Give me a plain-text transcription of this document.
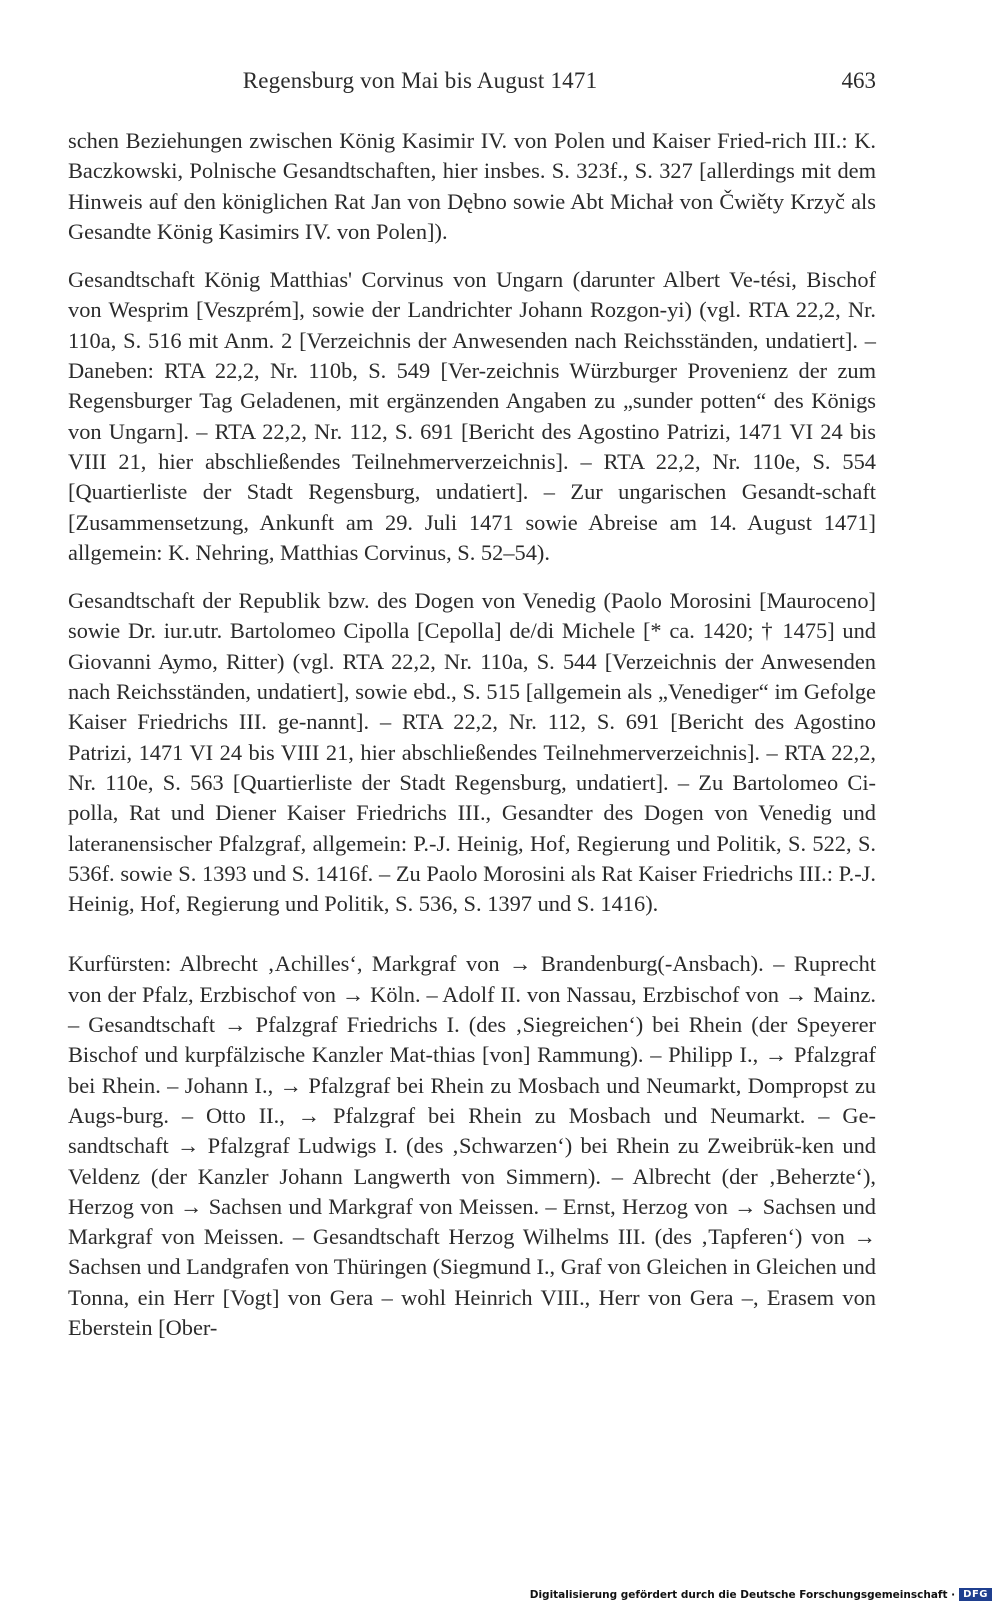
Regensburg von Mai bis August 1471	463

schen Beziehungen zwischen König Kasimir IV. von Polen und Kaiser Fried-rich III.: K. Baczkowski, Polnische Gesandtschaften, hier insbes. S. 323f., S. 327 [allerdings mit dem Hinweis auf den königlichen Rat Jan von Dębno sowie Abt Michał von Čwiěty Krzyč als Gesandte König Kasimirs IV. von Polen]).

Gesandtschaft König Matthias' Corvinus von Ungarn (darunter Albert Ve-tési, Bischof von Wesprim [Veszprém], sowie der Landrichter Johann Rozgon-yi) (vgl. RTA 22,2, Nr. 110a, S. 516 mit Anm. 2 [Verzeichnis der Anwesenden nach Reichsständen, undatiert]. – Daneben: RTA 22,2, Nr. 110b, S. 549 [Ver-zeichnis Würzburger Provenienz der zum Regensburger Tag Geladenen, mit ergänzenden Angaben zu „sunder potten“ des Königs von Ungarn]. – RTA 22,2, Nr. 112, S. 691 [Bericht des Agostino Patrizi, 1471 VI 24 bis VIII 21, hier abschließendes Teilnehmerverzeichnis]. – RTA 22,2, Nr. 110e, S. 554 [Quartierliste der Stadt Regensburg, undatiert]. – Zur ungarischen Gesandt-schaft [Zusammensetzung, Ankunft am 29. Juli 1471 sowie Abreise am 14. August 1471] allgemein: K. Nehring, Matthias Corvinus, S. 52–54).

Gesandtschaft der Republik bzw. des Dogen von Venedig (Paolo Morosini [Mauroceno] sowie Dr. iur.utr. Bartolomeo Cipolla [Cepolla] de/di Michele [* ca. 1420; † 1475] und Giovanni Aymo, Ritter) (vgl. RTA 22,2, Nr. 110a, S. 544 [Verzeichnis der Anwesenden nach Reichsständen, undatiert], sowie ebd., S. 515 [allgemein als „Venediger“ im Gefolge Kaiser Friedrichs III. ge-nannt]. – RTA 22,2, Nr. 112, S. 691 [Bericht des Agostino Patrizi, 1471 VI 24 bis VIII 21, hier abschließendes Teilnehmerverzeichnis]. – RTA 22,2, Nr. 110e, S. 563 [Quartierliste der Stadt Regensburg, undatiert]. – Zu Bartolomeo Ci-polla, Rat und Diener Kaiser Friedrichs III., Gesandter des Dogen von Venedig und lateranensischer Pfalzgraf, allgemein: P.-J. Heinig, Hof, Regierung und Politik, S. 522, S. 536f. sowie S. 1393 und S. 1416f. – Zu Paolo Morosini als Rat Kaiser Friedrichs III.: P.-J. Heinig, Hof, Regierung und Politik, S. 536, S. 1397 und S. 1416).

Kurfürsten: Albrecht ‚Achilles‘, Markgraf von → Brandenburg(-Ansbach). – Ruprecht von der Pfalz, Erzbischof von → Köln. – Adolf II. von Nassau, Erzbischof von → Mainz. – Gesandtschaft → Pfalzgraf Friedrichs I. (des ‚Siegreichen‘) bei Rhein (der Speyerer Bischof und kurpfälzische Kanzler Mat-thias [von] Rammung). – Philipp I., → Pfalzgraf bei Rhein. – Johann I., → Pfalzgraf bei Rhein zu Mosbach und Neumarkt, Dompropst zu Augs-burg. – Otto II., → Pfalzgraf bei Rhein zu Mosbach und Neumarkt. – Ge-sandtschaft → Pfalzgraf Ludwigs I. (des ‚Schwarzen‘) bei Rhein zu Zweibrük-ken und Veldenz (der Kanzler Johann Langwerth von Simmern). – Albrecht (der ‚Beherzte‘), Herzog von → Sachsen und Markgraf von Meissen. – Ernst, Herzog von → Sachsen und Markgraf von Meissen. – Gesandtschaft Herzog Wilhelms III. (des ‚Tapferen‘) von → Sachsen und Landgrafen von Thüringen (Siegmund I., Graf von Gleichen in Gleichen und Tonna, ein Herr [Vogt] von Gera – wohl Heinrich VIII., Herr von Gera –, Erasem von Eberstein [Ober-

Digitalisierung gefördert durch die Deutsche Forschungsgemeinschaft · DFG
